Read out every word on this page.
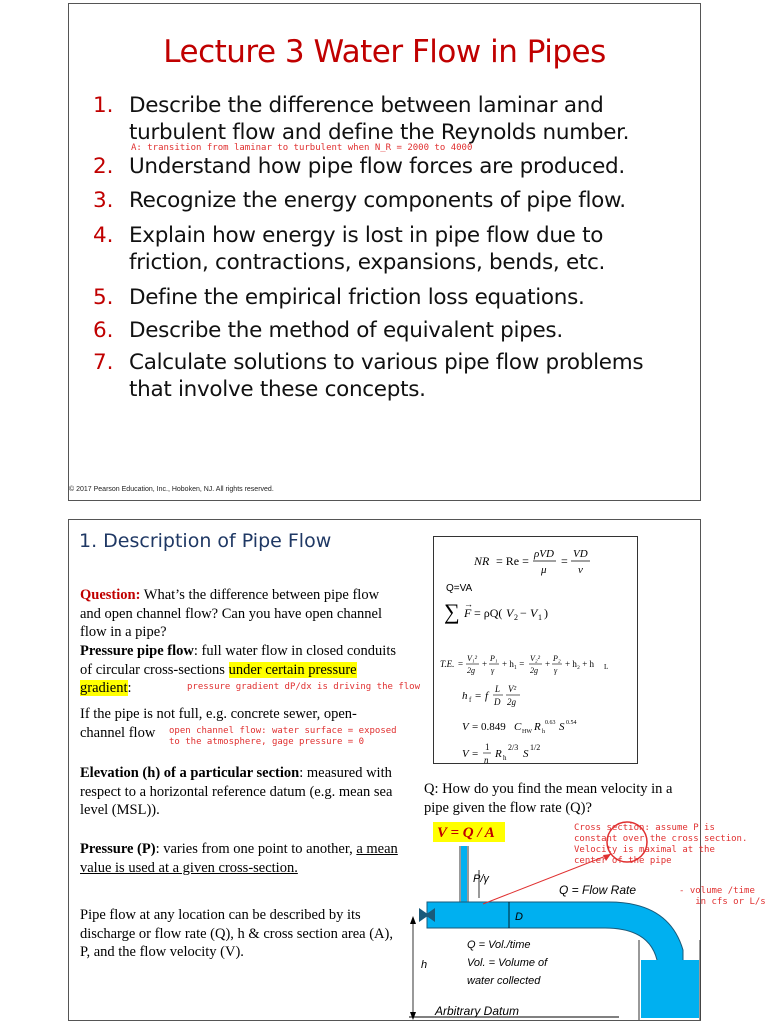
Lecture 3 Water Flow in Pipes
1. Describe the difference between laminar and turbulent flow and define the Reynolds number.
A: transition from laminar to turbulent when N_R = 2000 to 4000
2. Understand how pipe flow forces are produced.
3. Recognize the energy components of pipe flow.
4. Explain how energy is lost in pipe flow due to friction, contractions, expansions, bends, etc.
5. Define the empirical friction loss equations.
6. Describe the method of equivalent pipes.
7. Calculate solutions to various pipe flow problems that involve these concepts.
© 2017 Pearson Education, Inc., Hoboken, NJ. All rights reserved.
1. Description of Pipe Flow
Question: What’s the difference between pipe flow and open channel flow? Can you have open channel flow in a pipe?
Pressure pipe flow: full water flow in closed conduits of circular cross-sections under certain pressure gradient:	pressure gradient dP/dx is driving the flow
If the pipe is not full, e.g. concrete sewer, open-channel flow	open channel flow: water surface = exposed
to the atmosphere, gage pressure = 0
Elevation (h) of a particular section: measured with respect to a horizontal reference datum (e.g. mean sea level (MSL)).
Pressure (P): varies from one point to another, a mean value is used at a given cross-section.
Pipe flow at any location can be described by its discharge or flow rate (Q), h & cross section area (A), P, and the flow velocity (V).
NR = Re = ρVD
μ
= VD
ν
Q=VA
∑ F
→
= ρQ( V 2 − V 1 )
T.E. =
V₁²
2g
+
P₁
γ
+ h₁ =
V₂²
2g
+
P₂
γ
+ h₂ + h L
h f = f
L
D
V²
2g
V = 0.849 C HW R h
0.63 S 0.54
V =
1
n R h
2/3
S
1/2
Q: How do you find the mean velocity in a pipe given the flow rate (Q)?
V = Q / A
P/γ
D
h
Arbitrary Datum
Q = Flow Rate
Q = Vol./time
Vol. = Volume of
water collected
Cross section: assume P is
constant over the cross section.
Velocity is maximal at the
center of the pipe
- volume /time
in cfs or L/s
